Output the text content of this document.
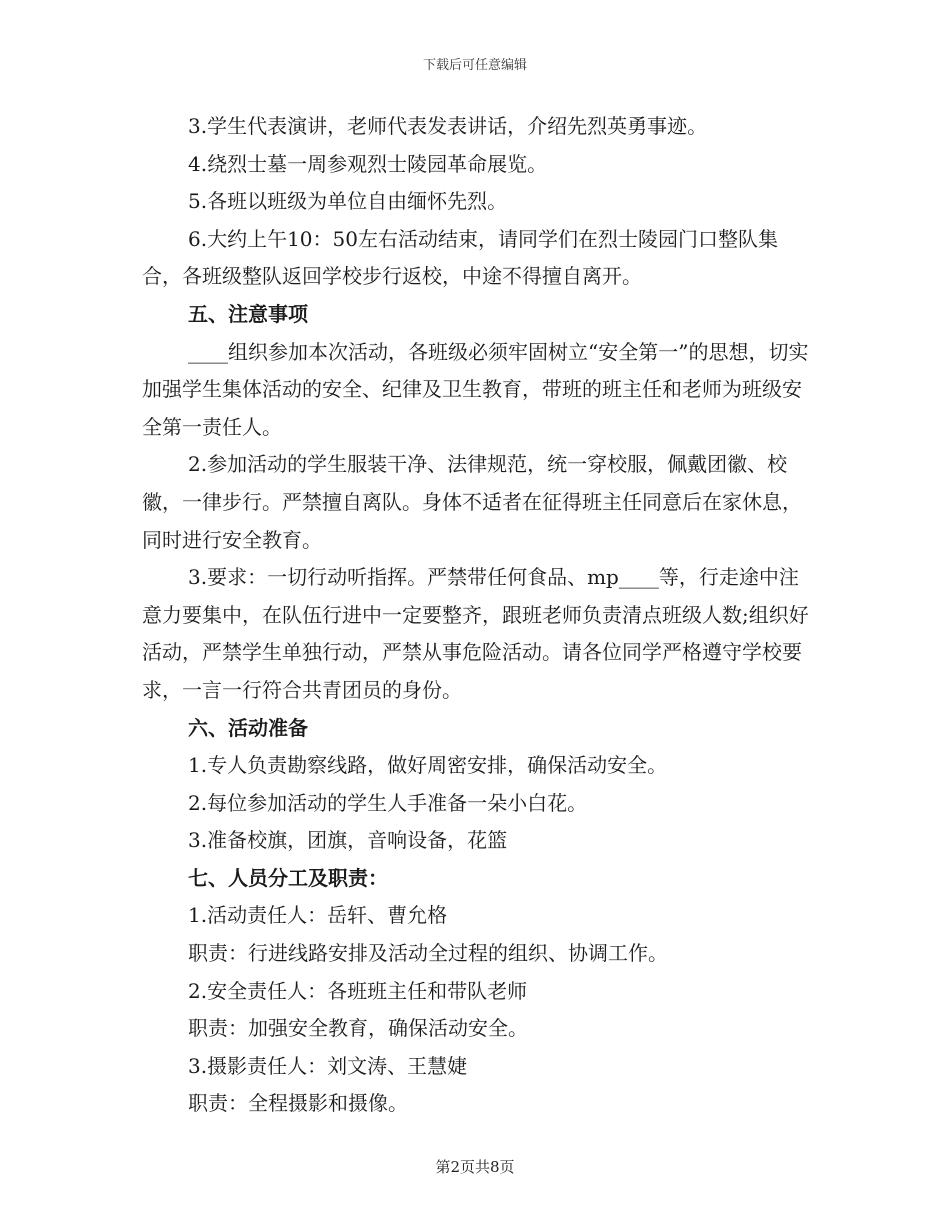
下载后可任意编辑

3.学生代表演讲，老师代表发表讲话，介绍先烈英勇事迹。

4.绕烈士墓一周参观烈士陵园革命展览。

5.各班以班级为单位自由缅怀先烈。

6.大约上午10：50左右活动结束，请同学们在烈士陵园门口整队集合，各班级整队返回学校步行返校，中途不得擅自离开。

五、注意事项

____组织参加本次活动，各班级必须牢固树立“安全第一”的思想，切实加强学生集体活动的安全、纪律及卫生教育，带班的班主任和老师为班级安全第一责任人。

2.参加活动的学生服装干净、法律规范，统一穿校服，佩戴团徽、校徽，一律步行。严禁擅自离队。身体不适者在征得班主任同意后在家休息，同时进行安全教育。

3.要求：一切行动听指挥。严禁带任何食品、mp____等，行走途中注意力要集中，在队伍行进中一定要整齐，跟班老师负责清点班级人数;组织好活动，严禁学生单独行动，严禁从事危险活动。请各位同学严格遵守学校要求，一言一行符合共青团员的身份。

六、活动准备

1.专人负责勘察线路，做好周密安排，确保活动安全。

2.每位参加活动的学生人手准备一朵小白花。

3.准备校旗，团旗，音响设备，花篮

七、人员分工及职责：

1.活动责任人：岳轩、曹允格

职责：行进线路安排及活动全过程的组织、协调工作。

2.安全责任人：各班班主任和带队老师

职责：加强安全教育，确保活动安全。

3.摄影责任人：刘文涛、王慧婕

职责：全程摄影和摄像。

第2页共8页
